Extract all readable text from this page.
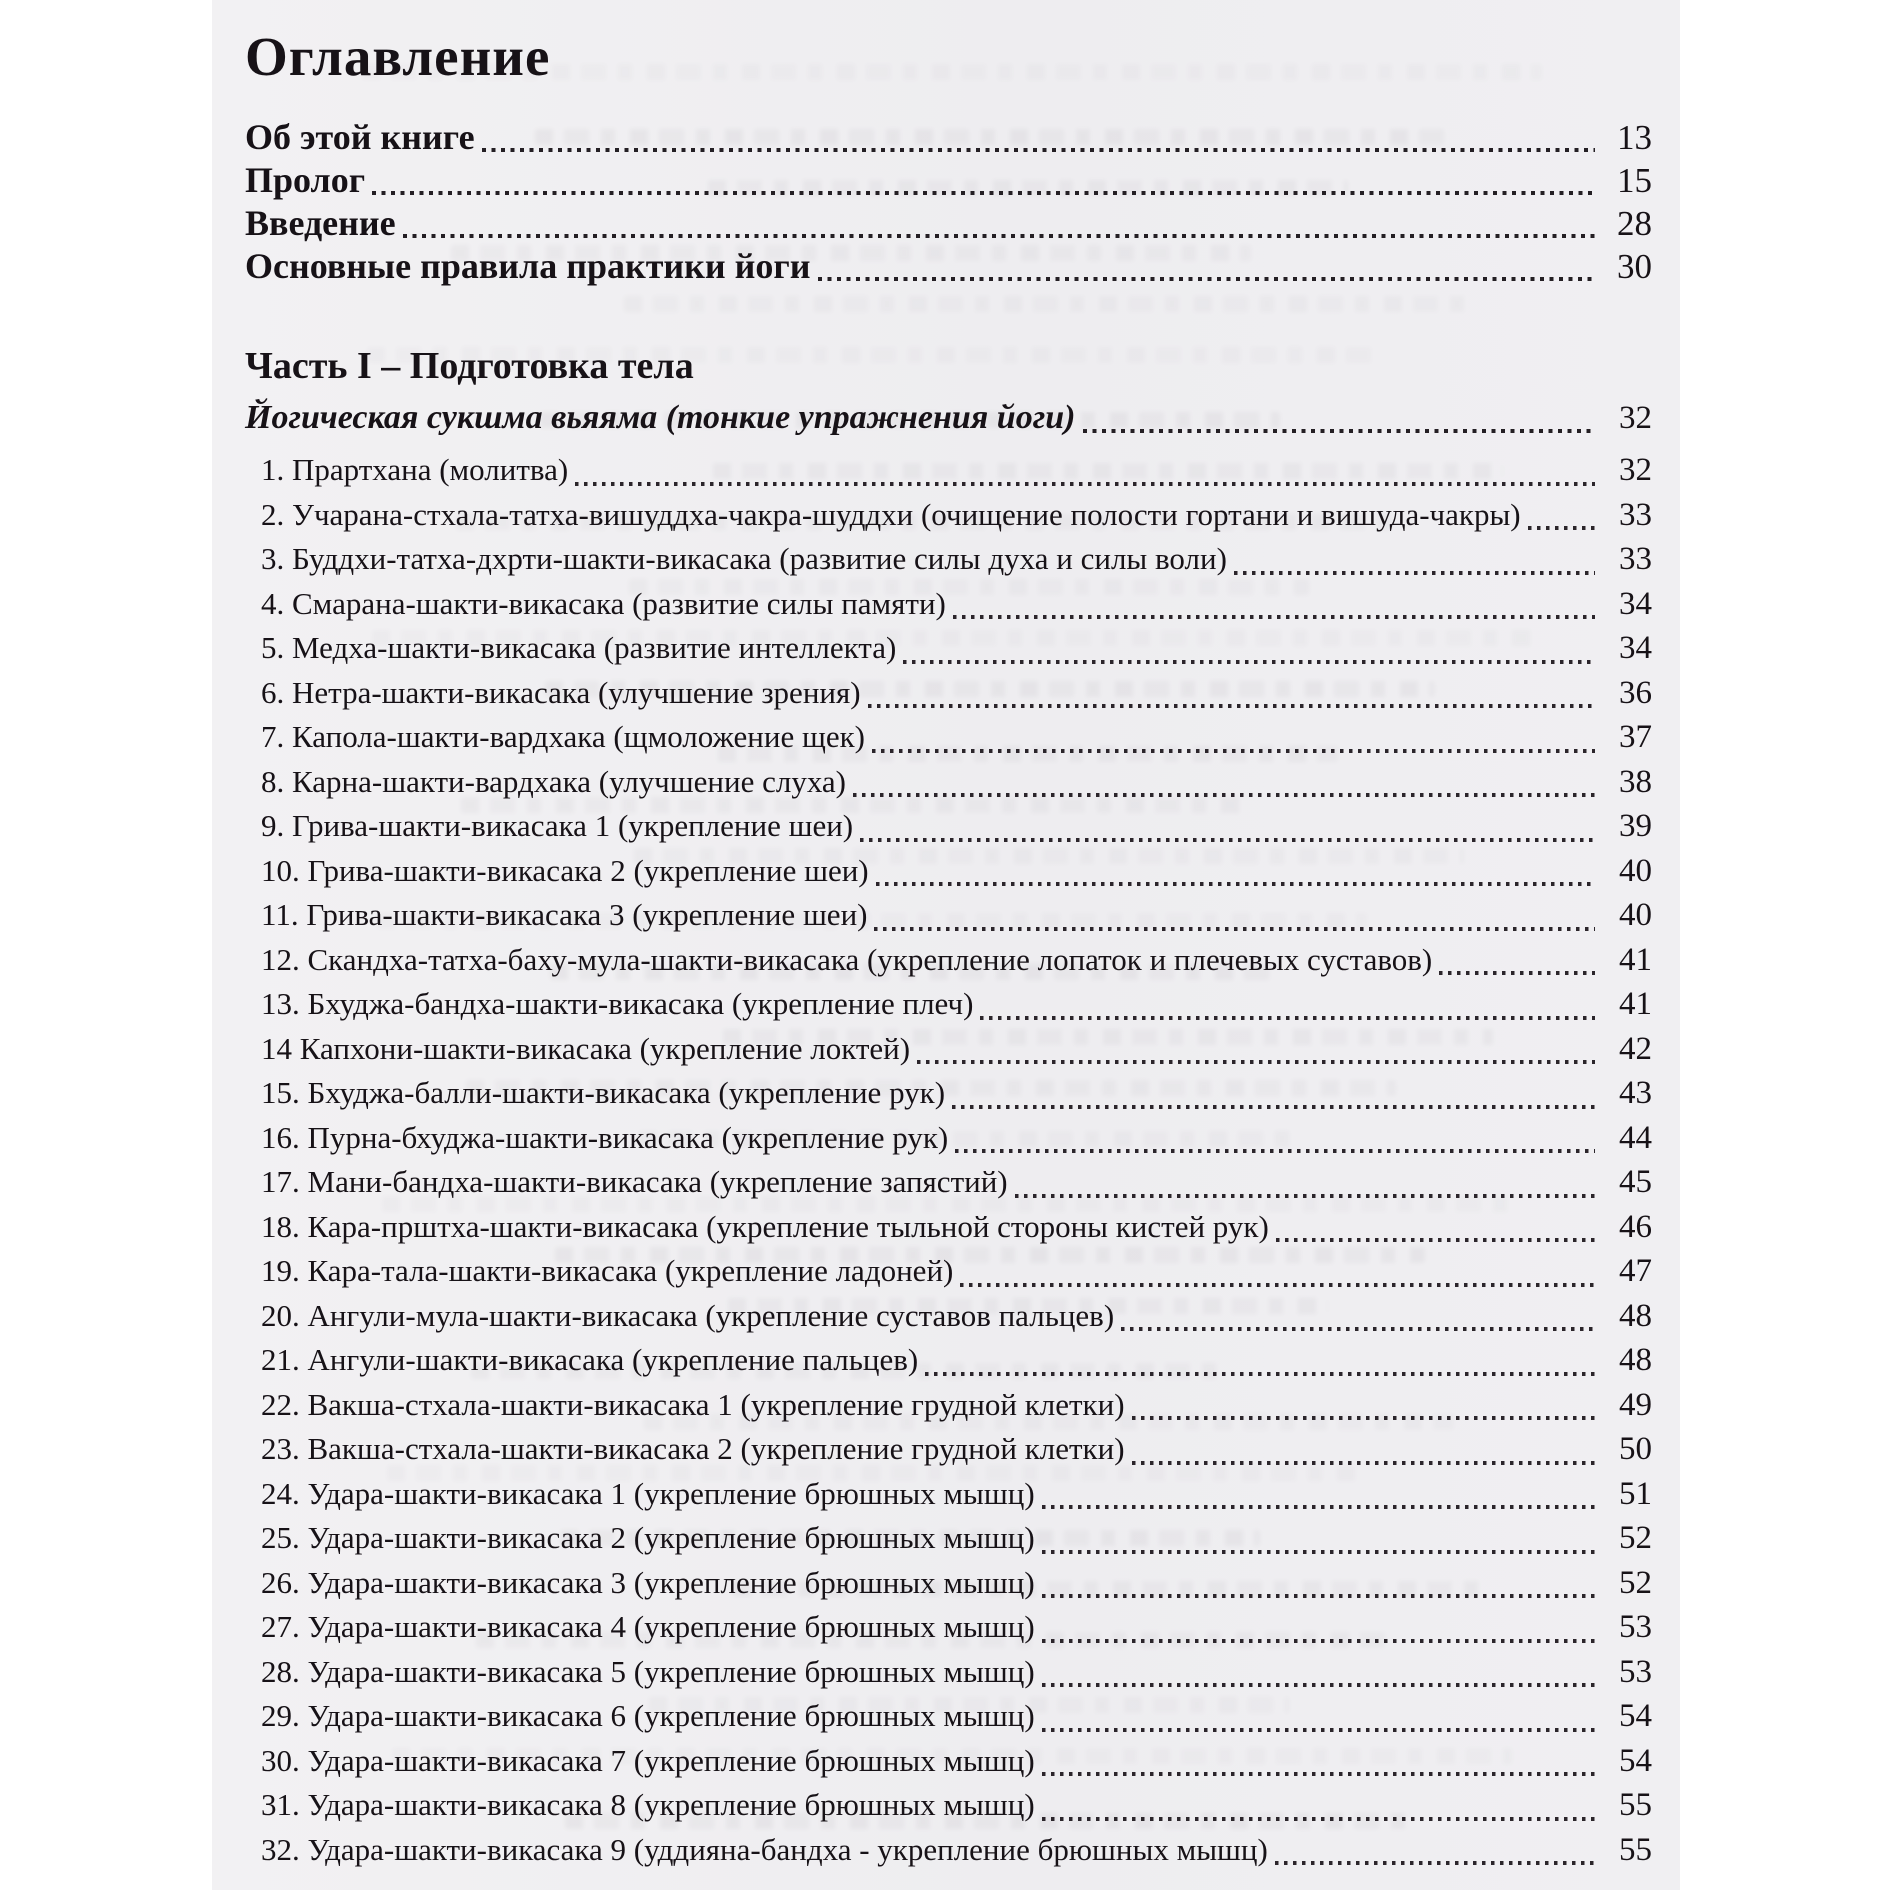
Оглавление
Об этой книге	13
Пролог	15
Введение	28
Основные правила практики йоги	30
Часть I – Подготовка тела
Йогическая сукшма вьяяма (тонкие упражнения йоги)	32
1. Прартхана (молитва)	32
2. Учарана-стхала-татха-вишуддха-чакра-шуддхи (очищение полости гортани и вишуда-чакры)	33
3. Буддхи-татха-дхрти-шакти-викасака (развитие силы духа и силы воли)	33
4. Смарана-шакти-викасака (развитие силы памяти)	34
5. Медха-шакти-викасака (развитие интеллекта)	34
6. Нетра-шакти-викасака (улучшение зрения)	36
7. Капола-шакти-вардхака (щмоложение щек)	37
8. Карна-шакти-вардхака (улучшение слуха)	38
9. Грива-шакти-викасака 1 (укрепление шеи)	39
10. Грива-шакти-викасака 2 (укрепление шеи)	40
11. Грива-шакти-викасака 3 (укрепление шеи)	40
12. Скандха-татха-баху-мула-шакти-викасака (укрепление лопаток и плечевых суставов)	41
13. Бхуджа-бандха-шакти-викасака (укрепление плеч)	41
14 Капхони-шакти-викасака (укрепление локтей)	42
15. Бхуджа-балли-шакти-викасака (укрепление рук)	43
16. Пурна-бхуджа-шакти-викасака (укрепление рук)	44
17. Мани-бандха-шакти-викасака (укрепление запястий)	45
18. Кара-прштха-шакти-викасака (укрепление тыльной стороны кистей рук)	46
19. Кара-тала-шакти-викасака (укрепление ладоней)	47
20. Ангули-мула-шакти-викасака (укрепление суставов пальцев)	48
21. Ангули-шакти-викасака (укрепление пальцев)	48
22. Вакша-стхала-шакти-викасака 1 (укрепление грудной клетки)	49
23. Вакша-стхала-шакти-викасака 2 (укрепление грудной клетки)	50
24. Удара-шакти-викасака 1 (укрепление брюшных мышц)	51
25. Удара-шакти-викасака 2 (укрепление брюшных мышц)	52
26. Удара-шакти-викасака 3 (укрепление брюшных мышц)	52
27. Удара-шакти-викасака 4 (укрепление брюшных мышц)	53
28. Удара-шакти-викасака 5 (укрепление брюшных мышц)	53
29. Удара-шакти-викасака 6 (укрепление брюшных мышц)	54
30. Удара-шакти-викасака 7 (укрепление брюшных мышц)	54
31. Удара-шакти-викасака 8 (укрепление брюшных мышц)	55
32. Удара-шакти-викасака 9 (уддияна-бандха - укрепление брюшных мышц)	55
